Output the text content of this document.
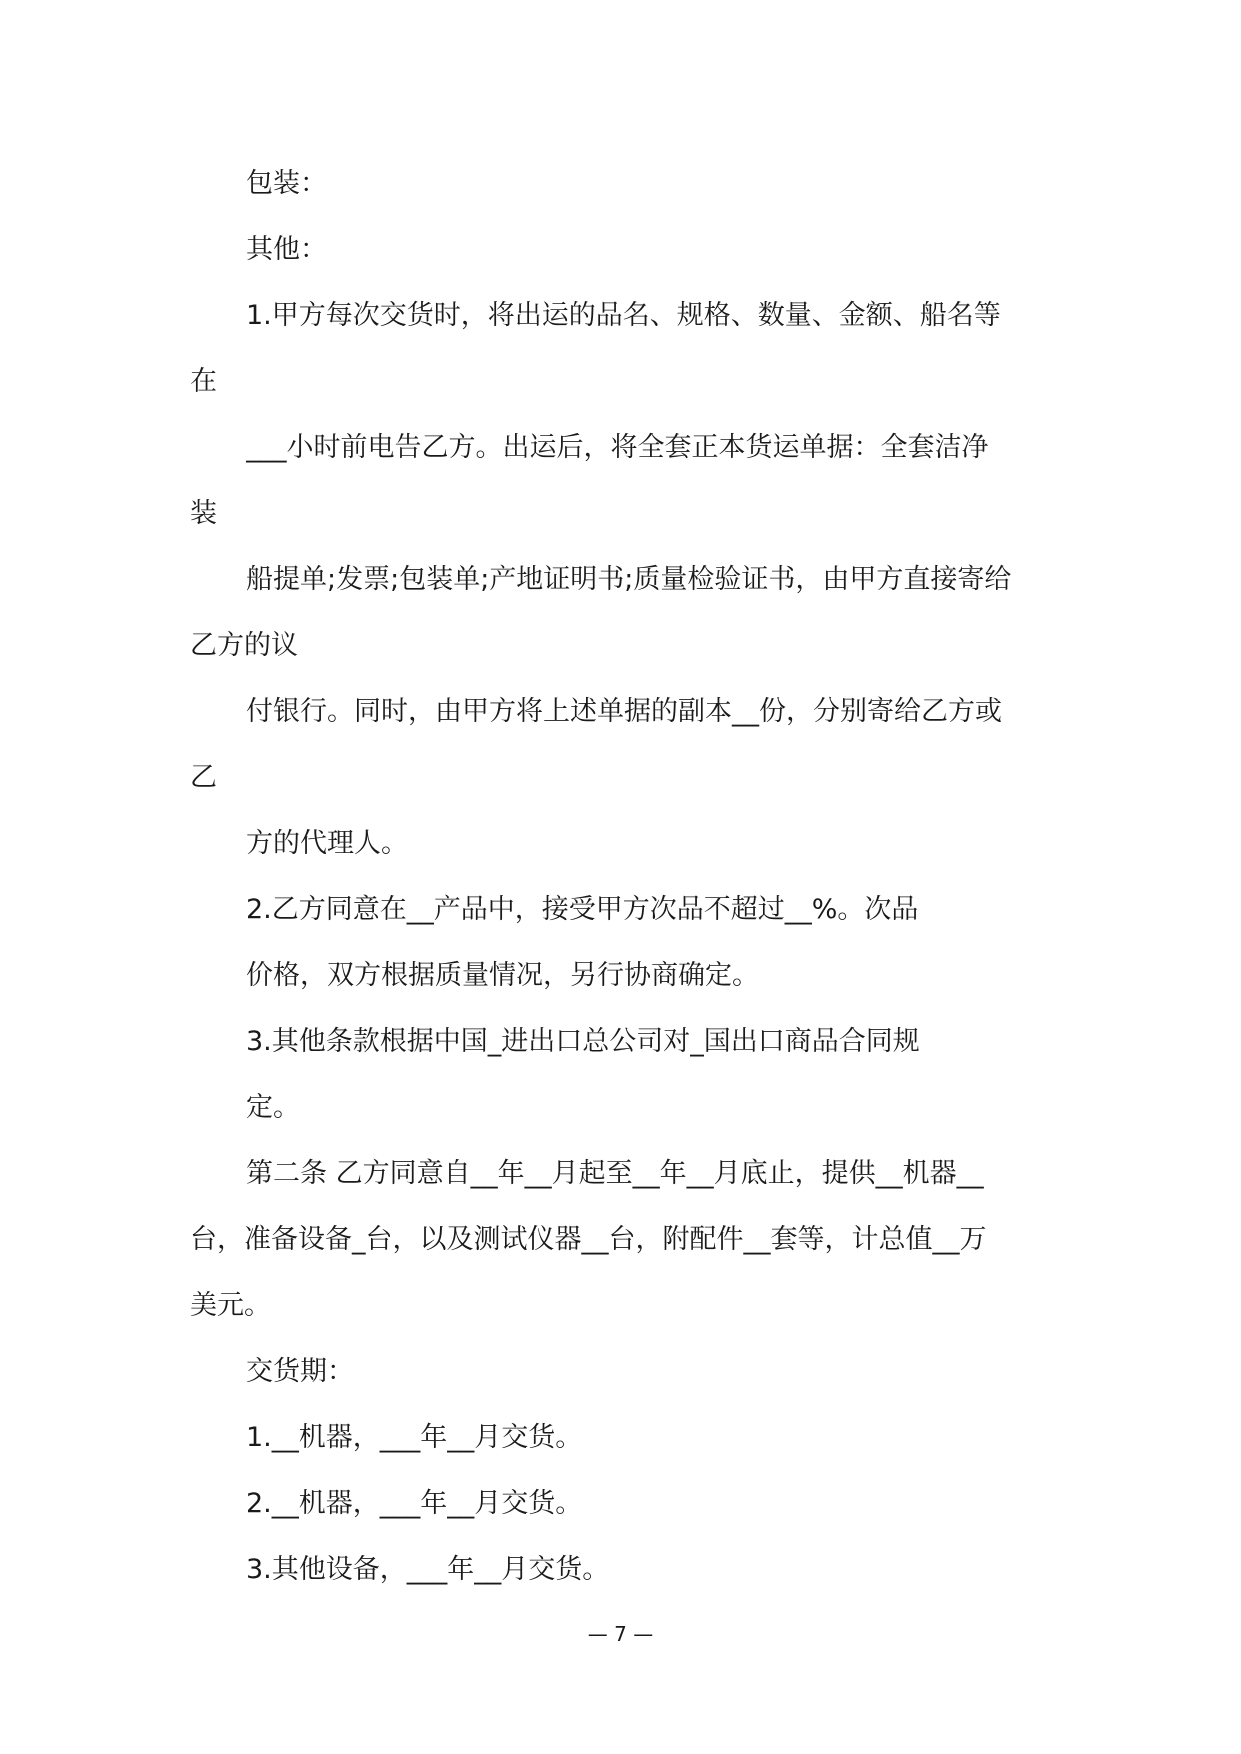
包装：
其他：
1.甲方每次交货时，将出运的品名、规格、数量、金额、船名等
在
___小时前电告乙方。出运后，将全套正本货运单据：全套洁净
装
船提单;发票;包装单;产地证明书;质量检验证书，由甲方直接寄给
乙方的议
付银行。同时，由甲方将上述单据的副本__份，分别寄给乙方或
乙
方的代理人。
2.乙方同意在__产品中，接受甲方次品不超过__%。次品
价格，双方根据质量情况，另行协商确定。
3.其他条款根据中国_进出口总公司对_国出口商品合同规
定。
第二条 乙方同意自__年__月起至__年__月底止，提供__机器__
台，准备设备_台，以及测试仪器__台，附配件__套等，计总值__万
美元。
交货期：
1.__机器，___年__月交货。
2.__机器，___年__月交货。
3.其他设备，___年__月交货。
— 7 —
